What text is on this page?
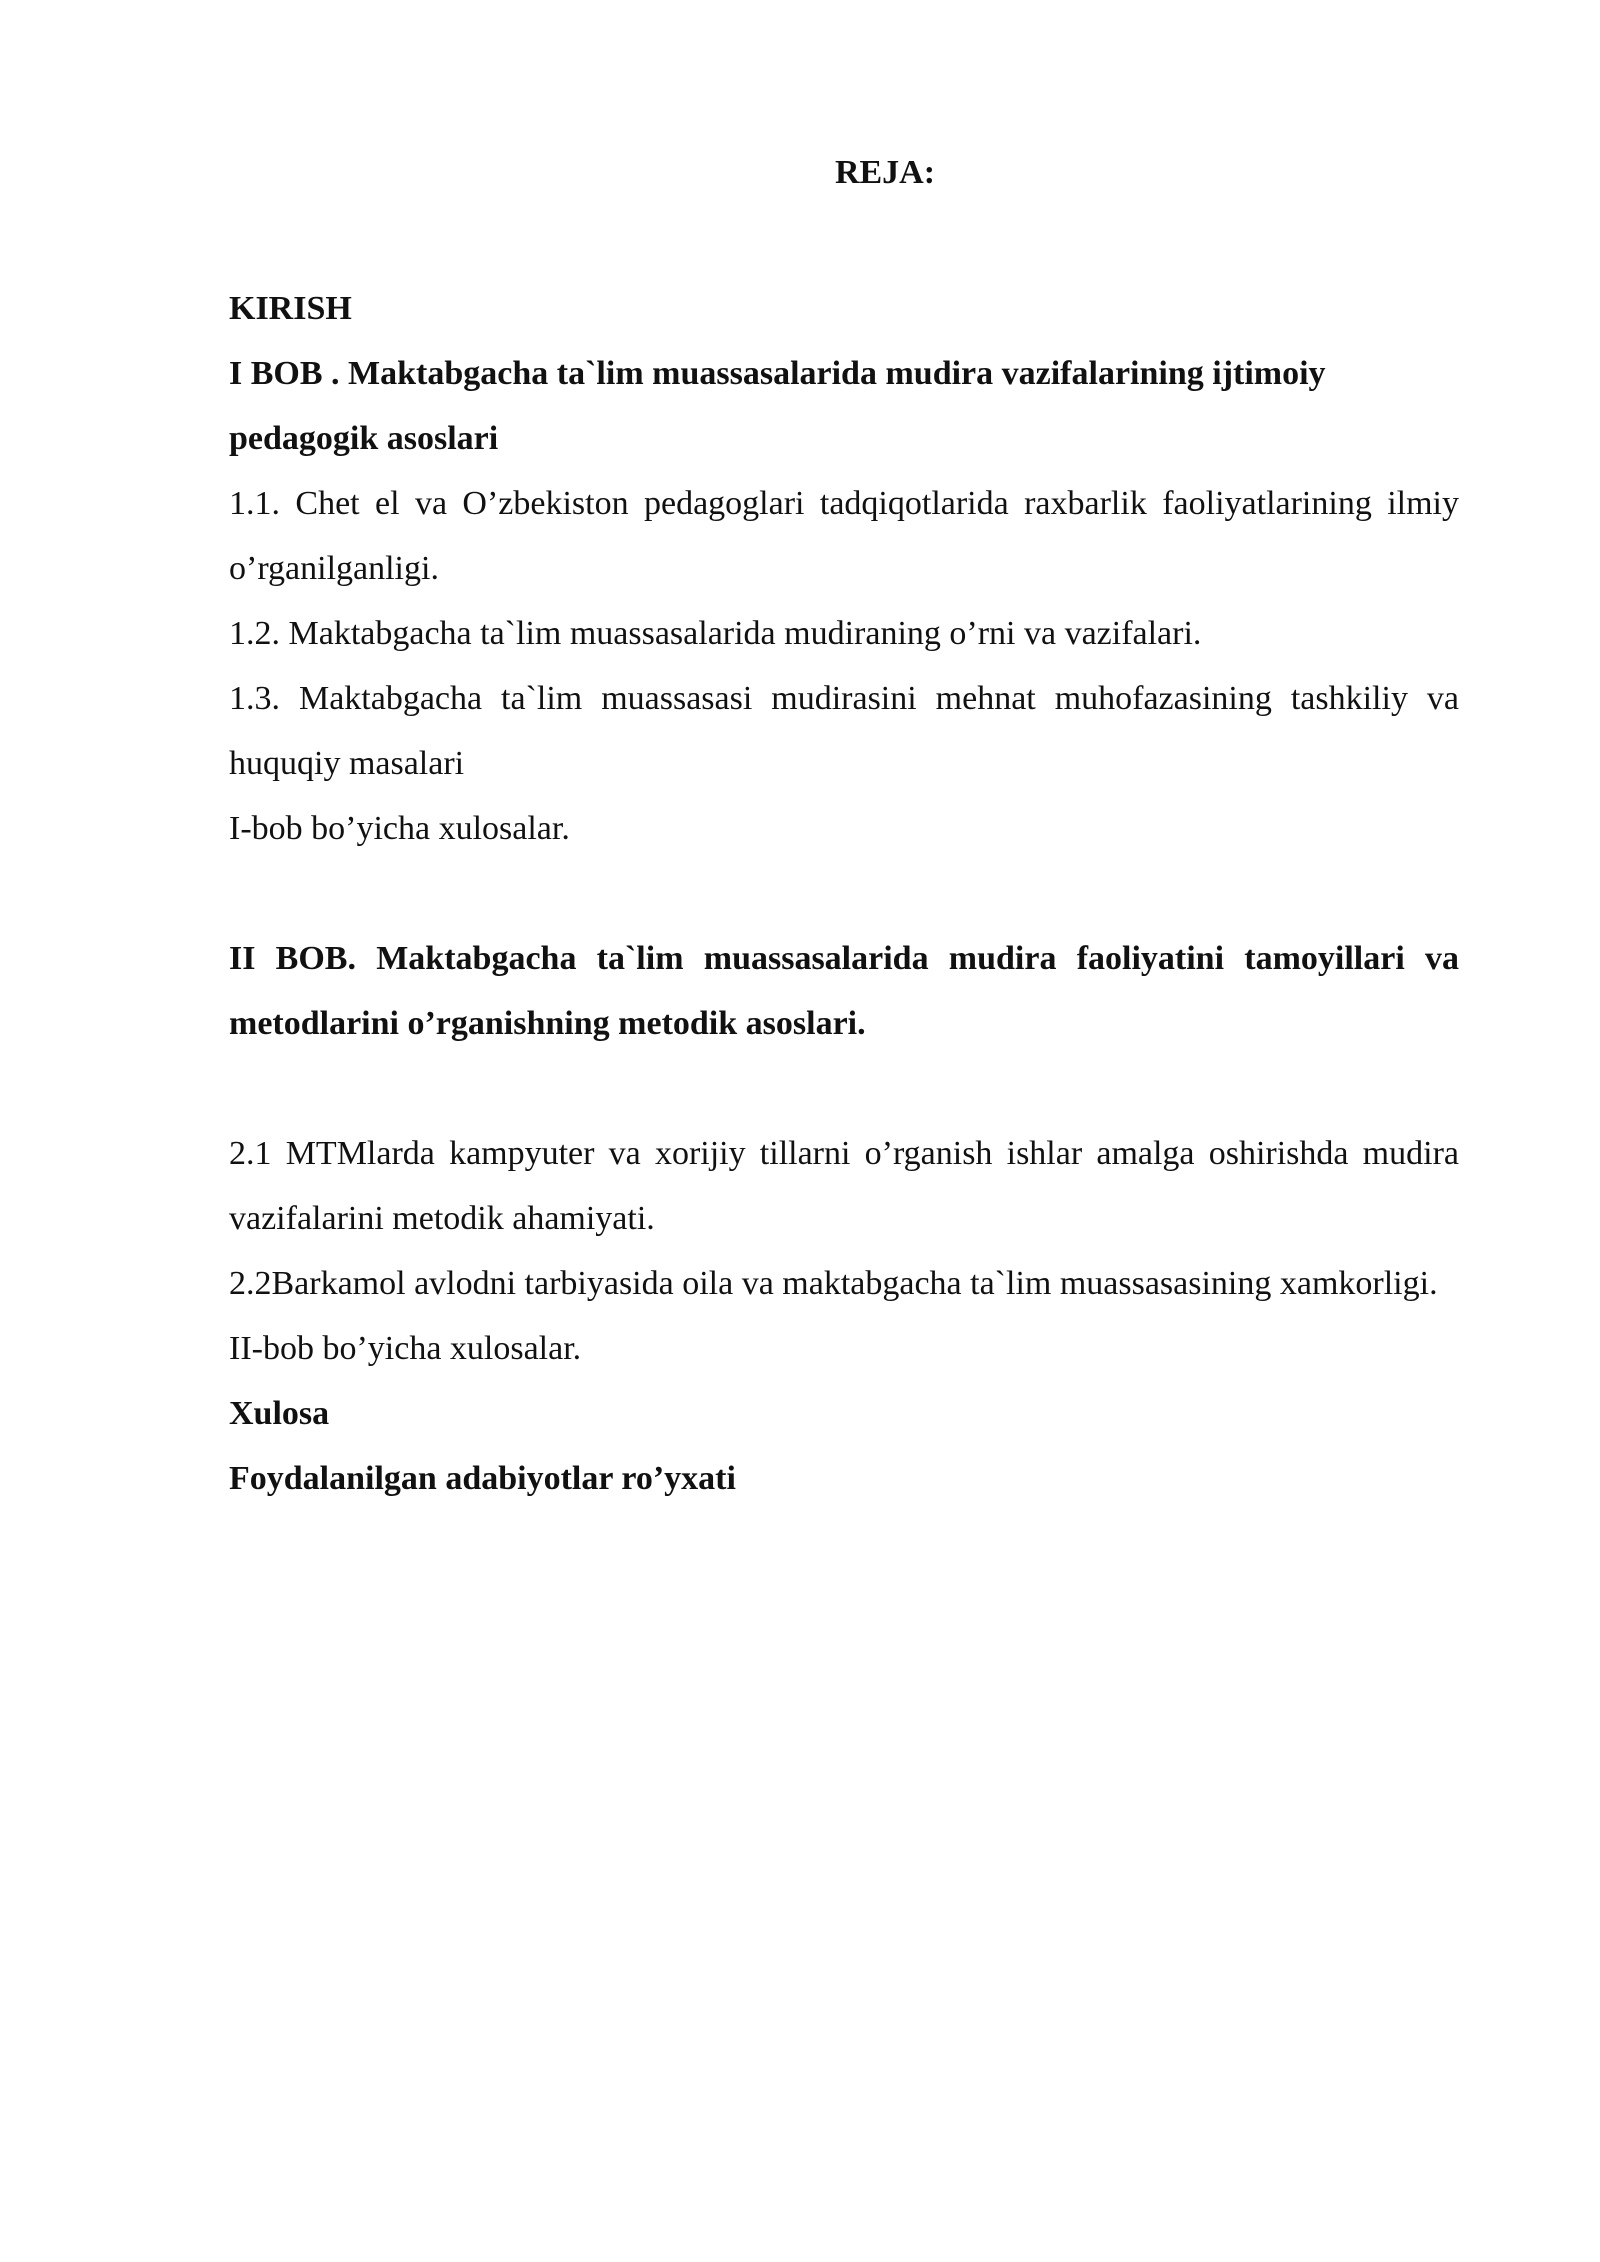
REJA:

KIRISH

I BOB . Maktabgacha ta`lim muassasalarida mudira vazifalarining ijtimoiy pedagogik asoslari

1.1. Chet el va O’zbekiston pedagoglari tadqiqotlarida raxbarlik faoliyatlarining ilmiy o’rganilganligi.

1.2. Maktabgacha ta`lim muassasalarida mudiraning o’rni va vazifalari.

1.3. Maktabgacha ta`lim muassasasi mudirasini mehnat muhofazasining tashkiliy va huquqiy masalari

I-bob bo’yicha xulosalar.

II BOB. Maktabgacha ta`lim muassasalarida mudira faoliyatini tamoyillari va metodlarini o’rganishning metodik asoslari.

2.1 MTMlarda kampyuter va xorijiy tillarni o’rganish ishlar amalga oshirishda mudira vazifalarini metodik ahamiyati.

2.2Barkamol avlodni tarbiyasida oila va maktabgacha ta`lim muassasasining xamkorligi.

II-bob bo’yicha xulosalar.

Xulosa

Foydalanilgan adabiyotlar ro’yxati
